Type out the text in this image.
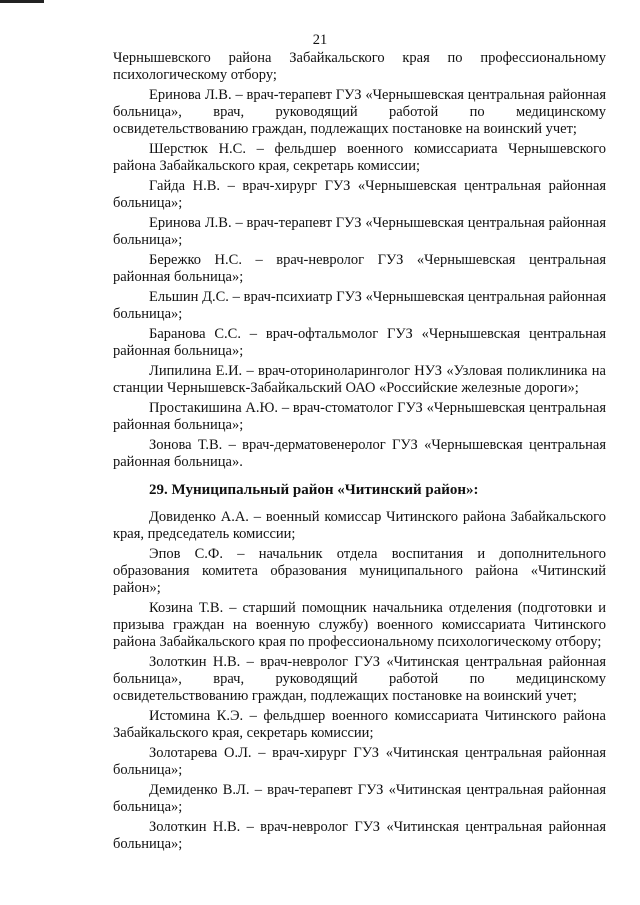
21

Чернышевского района Забайкальского края по профессиональному психологическому отбору;

Еринова Л.В. – врач-терапевт ГУЗ «Чернышевская центральная районная больница», врач, руководящий работой по медицинскому освидетельствованию граждан, подлежащих постановке на воинский учет;

Шерстюк Н.С. – фельдшер военного комиссариата Чернышевского района Забайкальского края, секретарь комиссии;

Гайда Н.В. – врач-хирург ГУЗ «Чернышевская центральная районная больница»;

Еринова Л.В. – врач-терапевт ГУЗ «Чернышевская центральная районная больница»;

Бережко Н.С. – врач-невролог ГУЗ «Чернышевская центральная районная больница»;

Ельшин Д.С. – врач-психиатр ГУЗ «Чернышевская центральная районная больница»;

Баранова С.С. – врач-офтальмолог ГУЗ «Чернышевская центральная районная больница»;

Липилина Е.И. – врач-оториноларинголог НУЗ «Узловая поликлиника на станции Чернышевск-Забайкальский ОАО «Российские железные дороги»;

Простакишина А.Ю. – врач-стоматолог ГУЗ «Чернышевская центральная районная больница»;

Зонова Т.В. – врач-дерматовенеролог ГУЗ «Чернышевская центральная районная больница».

29. Муниципальный район «Читинский район»:

Довиденко А.А. – военный комиссар Читинского района Забайкальского края, председатель комиссии;

Эпов С.Ф. – начальник отдела воспитания и дополнительного образования комитета образования муниципального района «Читинский район»;

Козина Т.В. – старший помощник начальника отделения (подготовки и призыва граждан на военную службу) военного комиссариата Читинского района Забайкальского края по профессиональному психологическому отбору;

Золоткин Н.В. – врач-невролог ГУЗ «Читинская центральная районная больница», врач, руководящий работой по медицинскому освидетельствованию граждан, подлежащих постановке на воинский учет;

Истомина К.Э. – фельдшер военного комиссариата Читинского района Забайкальского края, секретарь комиссии;

Золотарева О.Л. – врач-хирург ГУЗ «Читинская центральная районная больница»;

Демиденко В.Л. – врач-терапевт ГУЗ «Читинская центральная районная больница»;

Золоткин Н.В. – врач-невролог ГУЗ «Читинская центральная районная больница»;
